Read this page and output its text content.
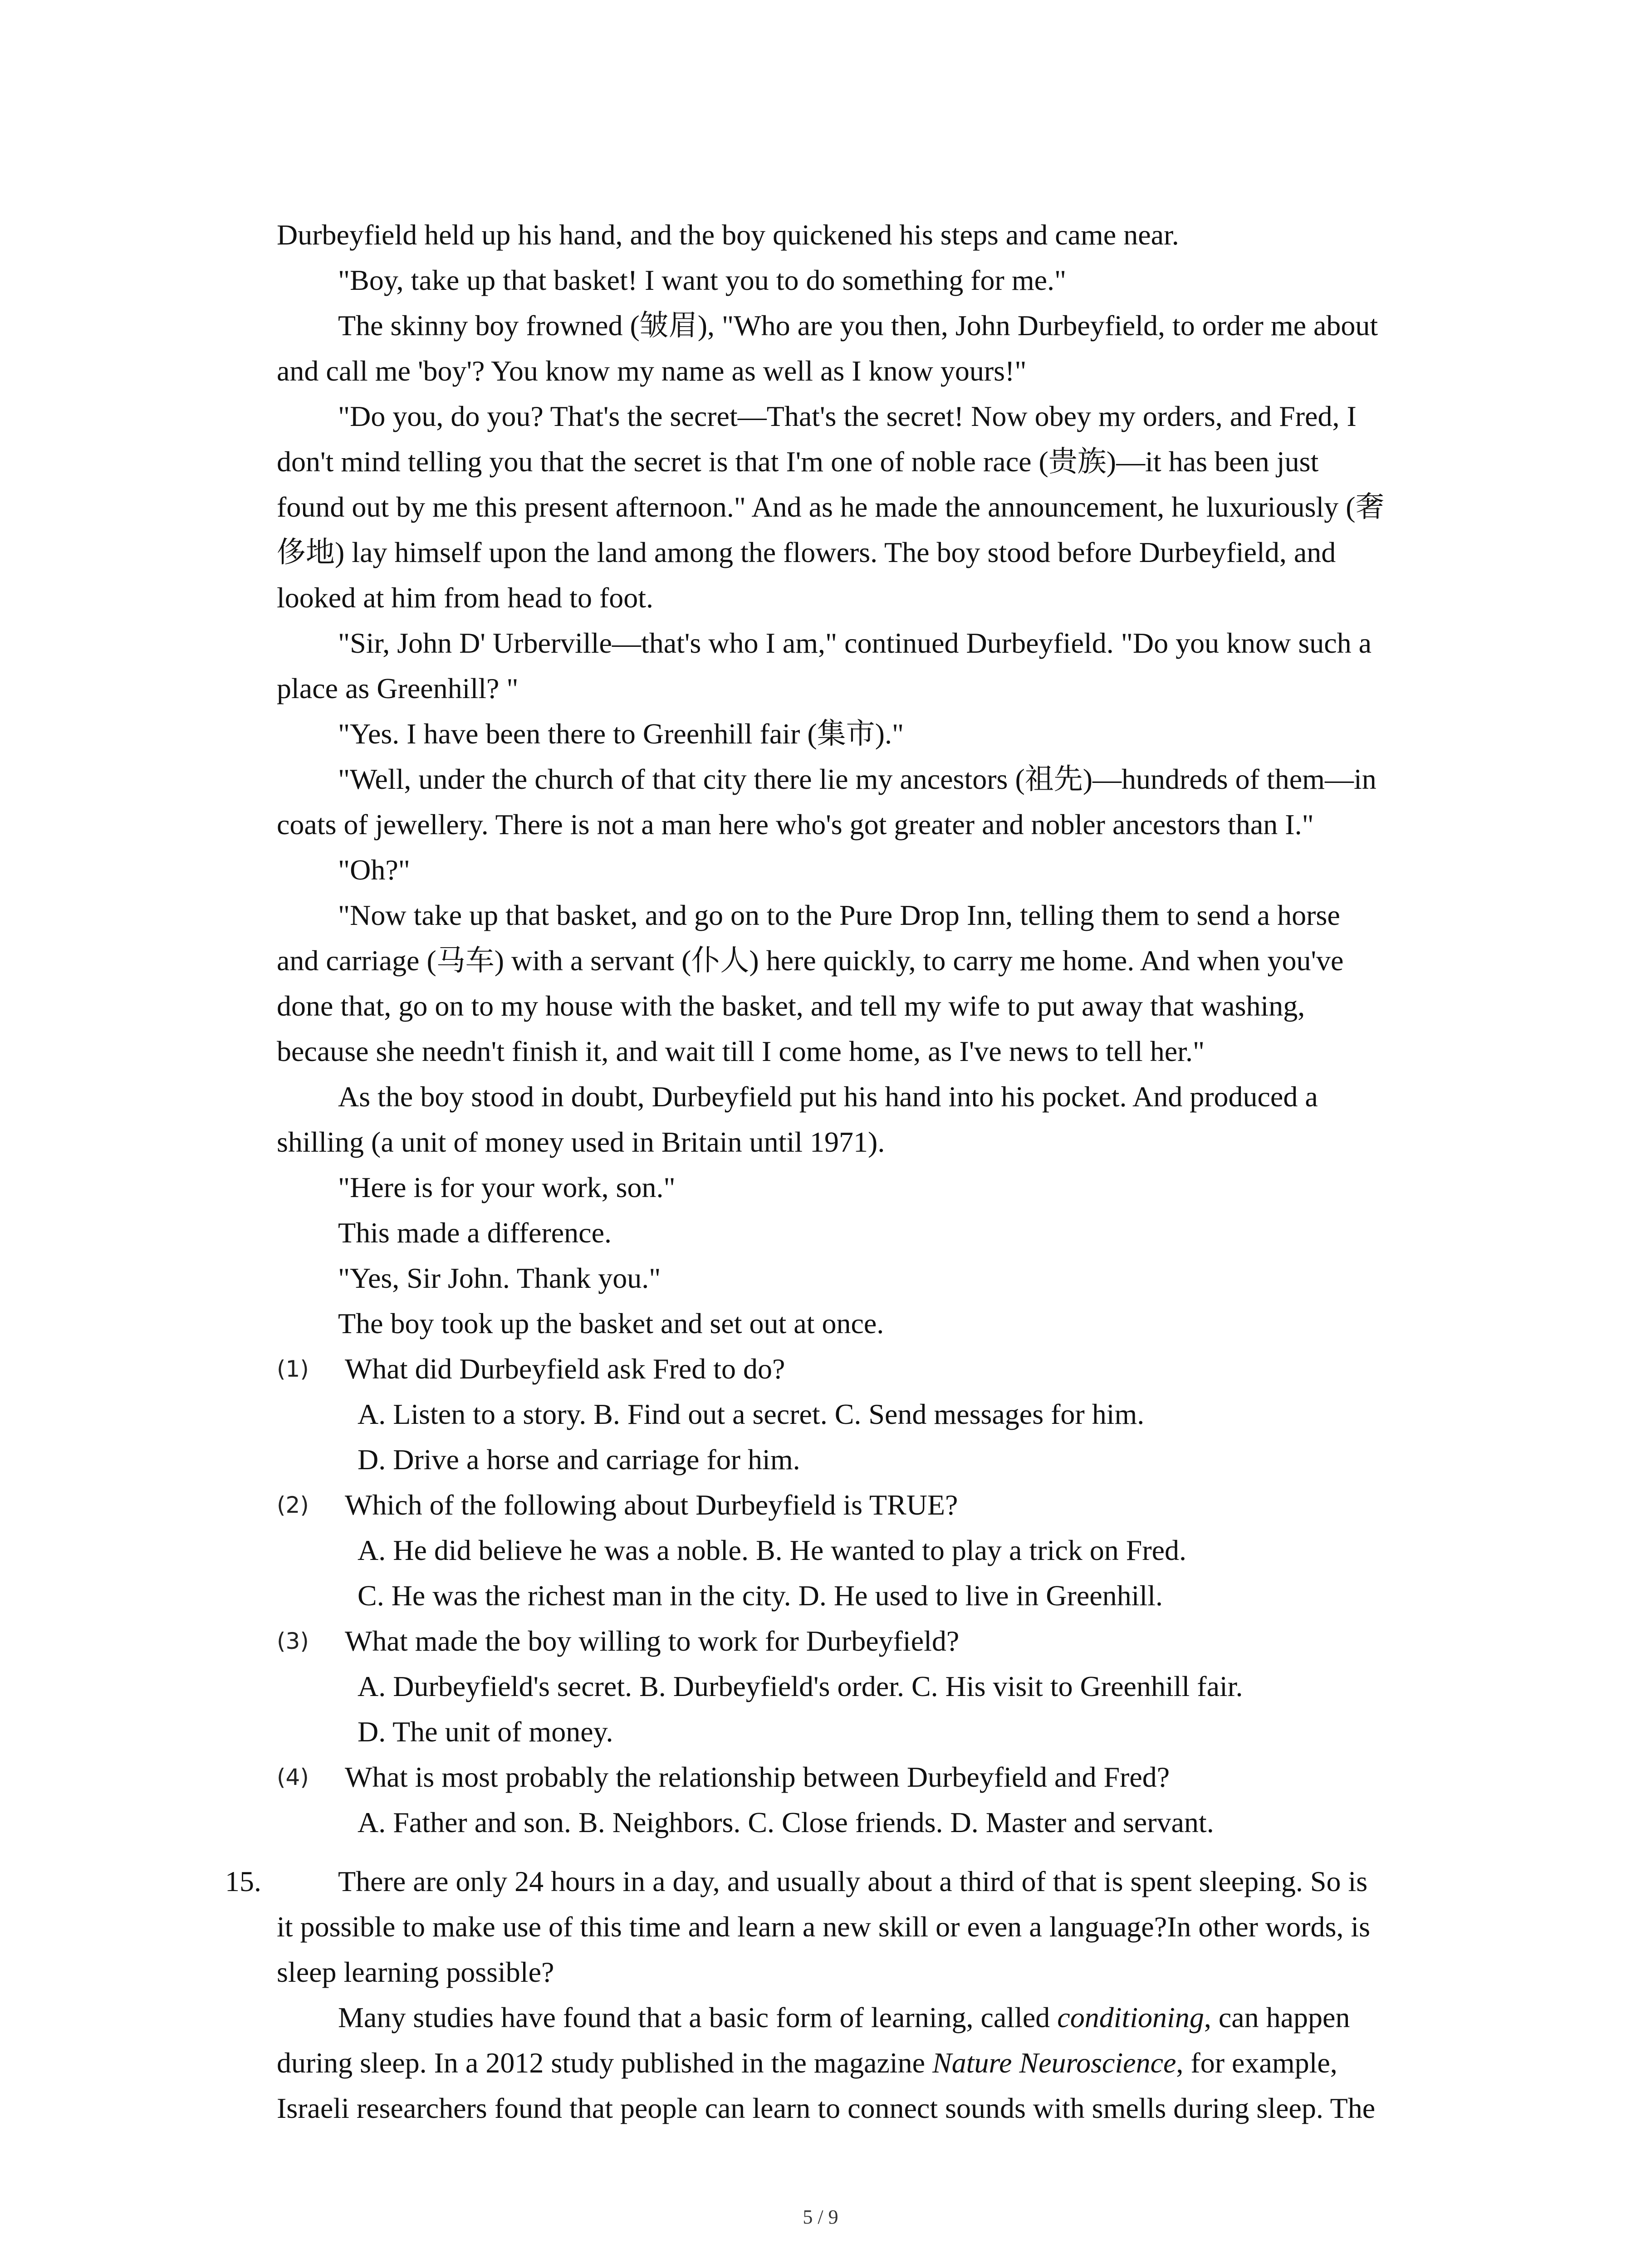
Durbeyfield held up his hand, and the boy quickened his steps and came near.
"Boy, take up that basket! I want you to do something for me."
The skinny boy frowned (皱眉), "Who are you then, John Durbeyfield, to order me about
and call me 'boy'? You know my name as well as I know yours!"
"Do you, do you? That's the secret—That's the secret! Now obey my orders, and Fred, I
don't mind telling you that the secret is that I'm one of noble race (贵族)—it has been just
found out by me this present afternoon." And as he made the announcement, he luxuriously (奢
侈地) lay himself upon the land among the flowers. The boy stood before Durbeyfield, and
looked at him from head to foot.
"Sir, John D' Urberville—that's who I am," continued Durbeyfield. "Do you know such a
place as Greenhill? "
"Yes. I have been there to Greenhill fair (集市)."
"Well, under the church of that city there lie my ancestors (祖先)—hundreds of them—in
coats of jewellery. There is not a man here who's got greater and nobler ancestors than I."
"Oh?"
"Now take up that basket, and go on to the Pure Drop Inn, telling them to send a horse
and carriage (马车) with a servant (仆人) here quickly, to carry me home. And when you've
done that, go on to my house with the basket, and tell my wife to put away that washing,
because she needn't finish it, and wait till I come home, as I've news to tell her."
As the boy stood in doubt, Durbeyfield put his hand into his pocket. And produced a
shilling (a unit of money used in Britain until 1971).
"Here is for your work, son."
This made a difference.
"Yes, Sir John. Thank you."
The boy took up the basket and set out at once.
(1) What did Durbeyfield ask Fred to do?
A. Listen to a story. B. Find out a secret. C. Send messages for him.
D. Drive a horse and carriage for him.
(2) Which of the following about Durbeyfield is TRUE?
A. He did believe he was a noble. B. He wanted to play a trick on Fred.
C. He was the richest man in the city. D. He used to live in Greenhill.
(3) What made the boy willing to work for Durbeyfield?
A. Durbeyfield's secret. B. Durbeyfield's order. C. His visit to Greenhill fair.
D. The unit of money.
(4) What is most probably the relationship between Durbeyfield and Fred?
A. Father and son. B. Neighbors. C. Close friends. D. Master and servant.
15.	There are only 24 hours in a day, and usually about a third of that is spent sleeping. So is
it possible to make use of this time and learn a new skill or even a language?In other words, is
sleep learning possible?
Many studies have found that a basic form of learning, called conditioning, can happen
during sleep. In a 2012 study published in the magazine Nature Neuroscience, for example,
Israeli researchers found that people can learn to connect sounds with smells during sleep. The
5 / 9
